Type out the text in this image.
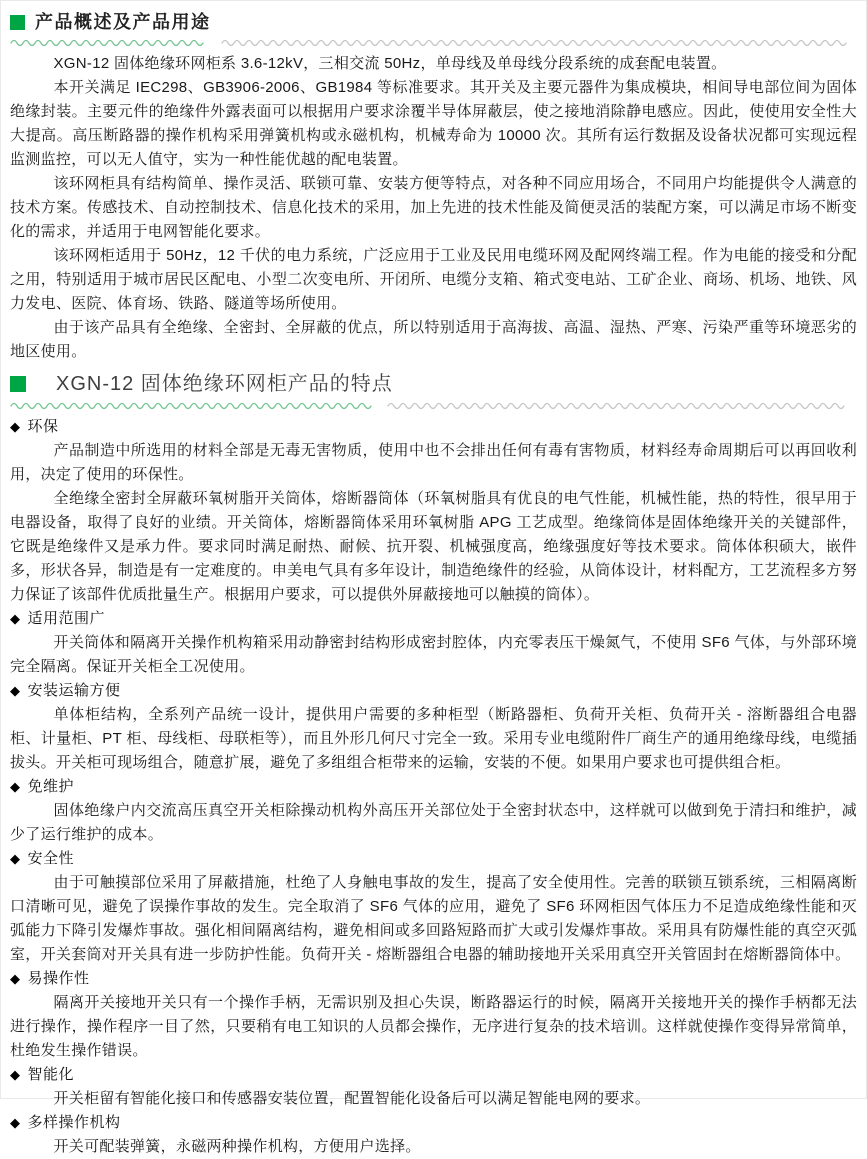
产品概述及产品用途

XGN-12 固体绝缘环网柜系 3.6-12kV，三相交流 50Hz，单母线及单母线分段系统的成套配电装置。

本开关满足 IEC298、GB3906-2006、GB1984 等标准要求。其开关及主要元器件为集成模块，相间导电部位间为固体绝缘封装。主要元件的绝缘件外露表面可以根据用户要求涂覆半导体屏蔽层，使之接地消除静电感应。因此，使使用安全性大大提高。高压断路器的操作机构采用弹簧机构或永磁机构，机械寿命为 10000 次。其所有运行数据及设备状况都可实现远程监测监控，可以无人值守，实为一种性能优越的配电装置。

该环网柜具有结构简单、操作灵活、联锁可靠、安装方便等特点，对各种不同应用场合，不同用户均能提供令人满意的技术方案。传感技术、自动控制技术、信息化技术的采用，加上先进的技术性能及简便灵活的装配方案，可以满足市场不断变化的需求，并适用于电网智能化要求。

该环网柜适用于 50Hz，12 千伏的电力系统，广泛应用于工业及民用电缆环网及配网终端工程。作为电能的接受和分配之用，特别适用于城市居民区配电、小型二次变电所、开闭所、电缆分支箱、箱式变电站、工矿企业、商场、机场、地铁、风力发电、医院、体育场、铁路、隧道等场所使用。

由于该产品具有全绝缘、全密封、全屏蔽的优点，所以特别适用于高海拔、高温、湿热、严寒、污染严重等环境恶劣的地区使用。

XGN-12 固体绝缘环网柜产品的特点
◆ 环保

产品制造中所选用的材料全部是无毒无害物质，使用中也不会排出任何有毒有害物质，材料经寿命周期后可以再回收利用，决定了使用的环保性。

全绝缘全密封全屏蔽环氧树脂开关筒体，熔断器筒体（环氧树脂具有优良的电气性能，机械性能，热的特性，很早用于电器设备，取得了良好的业绩。开关筒体，熔断器筒体采用环氧树脂 APG 工艺成型。绝缘筒体是固体绝缘开关的关键部件，它既是绝缘件又是承力件。要求同时满足耐热、耐候、抗开裂、机械强度高，绝缘强度好等技术要求。筒体体积硕大，嵌件多，形状各异，制造是有一定难度的。申美电气具有多年设计，制造绝缘件的经验，从筒体设计，材料配方，工艺流程多方努力保证了该部件优质批量生产。根据用户要求，可以提供外屏蔽接地可以触摸的筒体）。

◆ 适用范围广

开关筒体和隔离开关操作机构箱采用动静密封结构形成密封腔体，内充零表压干燥氮气，不使用 SF6 气体，与外部环境完全隔离。保证开关柜全工况使用。

◆ 安装运输方便

单体柜结构，全系列产品统一设计，提供用户需要的多种柜型（断路器柜、负荷开关柜、负荷开关 - 溶断器组合电器柜、计量柜、PT 柜、母线柜、母联柜等），而且外形几何尺寸完全一致。采用专业电缆附件厂商生产的通用绝缘母线，电缆插拔头。开关柜可现场组合，随意扩展，避免了多组组合柜带来的运输，安装的不便。如果用户要求也可提供组合柜。

◆ 免维护

固体绝缘户内交流高压真空开关柜除操动机构外高压开关部位处于全密封状态中，这样就可以做到免于清扫和维护，减少了运行维护的成本。

◆ 安全性

由于可触摸部位采用了屏蔽措施，杜绝了人身触电事故的发生，提高了安全使用性。完善的联锁互锁系统，三相隔离断口清晰可见，避免了误操作事故的发生。完全取消了 SF6 气体的应用，避免了 SF6 环网柜因气体压力不足造成绝缘性能和灭弧能力下降引发爆炸事故。强化相间隔离结构，避免相间或多回路短路而扩大或引发爆炸事故。采用具有防爆性能的真空灭弧室，开关套筒对开关具有进一步防护性能。负荷开关 - 熔断器组合电器的辅助接地开关采用真空开关管固封在熔断器筒体中。

◆ 易操作性

隔离开关接地开关只有一个操作手柄，无需识别及担心失误，断路器运行的时候，隔离开关接地开关的操作手柄都无法进行操作，操作程序一目了然，只要稍有电工知识的人员都会操作，无序进行复杂的技术培训。这样就使操作变得异常简单，杜绝发生操作错误。

◆ 智能化

开关柜留有智能化接口和传感器安装位置，配置智能化设备后可以满足智能电网的要求。

◆ 多样操作机构

开关可配装弹簧，永磁两种操作机构，方便用户选择。
